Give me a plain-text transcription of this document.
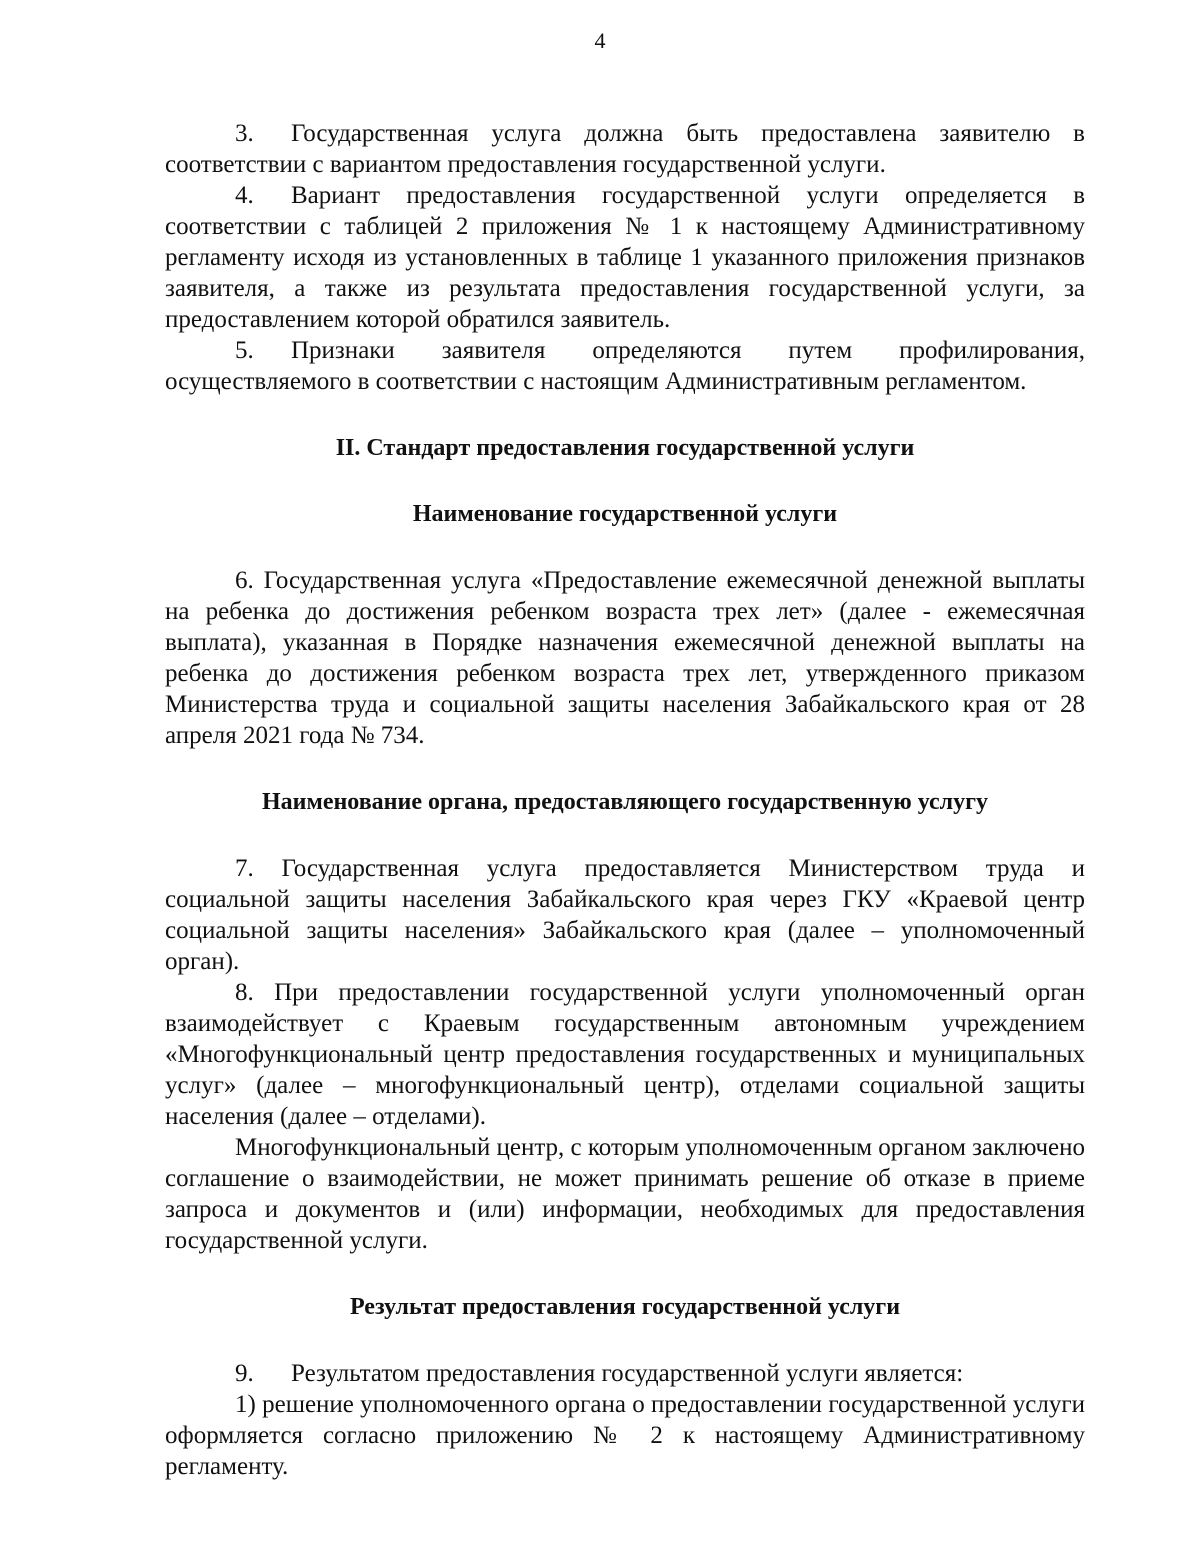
4

3. Государственная услуга должна быть предоставлена заявителю в соответствии с вариантом предоставления государственной услуги.

4. Вариант предоставления государственной услуги определяется в соответствии с таблицей 2 приложения № 1 к настоящему Административному регламенту исходя из установленных в таблице 1 указанного приложения признаков заявителя, а также из результата предоставления государственной услуги, за предоставлением которой обратился заявитель.

5. Признаки заявителя определяются путем профилирования, осуществляемого в соответствии с настоящим Административным регламентом.

II. Стандарт предоставления государственной услуги

Наименование государственной услуги

6. Государственная услуга «Предоставление ежемесячной денежной выплаты на ребенка до достижения ребенком возраста трех лет» (далее - ежемесячная выплата), указанная в Порядке назначения ежемесячной денежной выплаты на ребенка до достижения ребенком возраста трех лет, утвержденного приказом Министерства труда и социальной защиты населения Забайкальского края от 28 апреля 2021 года № 734.

Наименование органа, предоставляющего государственную услугу

7. Государственная услуга предоставляется Министерством труда и социальной защиты населения Забайкальского края через ГКУ «Краевой центр социальной защиты населения» Забайкальского края (далее – уполномоченный орган).

8. При предоставлении государственной услуги уполномоченный орган взаимодействует с Краевым государственным автономным учреждением «Многофункциональный центр предоставления государственных и муниципальных услуг» (далее – многофункциональный центр), отделами социальной защиты населения (далее – отделами).

Многофункциональный центр, с которым уполномоченным органом заключено соглашение о взаимодействии, не может принимать решение об отказе в приеме запроса и документов и (или) информации, необходимых для предоставления государственной услуги.

Результат предоставления государственной услуги

9. Результатом предоставления государственной услуги является:

1) решение уполномоченного органа о предоставлении государственной услуги оформляется согласно приложению № 2 к настоящему Административному регламенту.
